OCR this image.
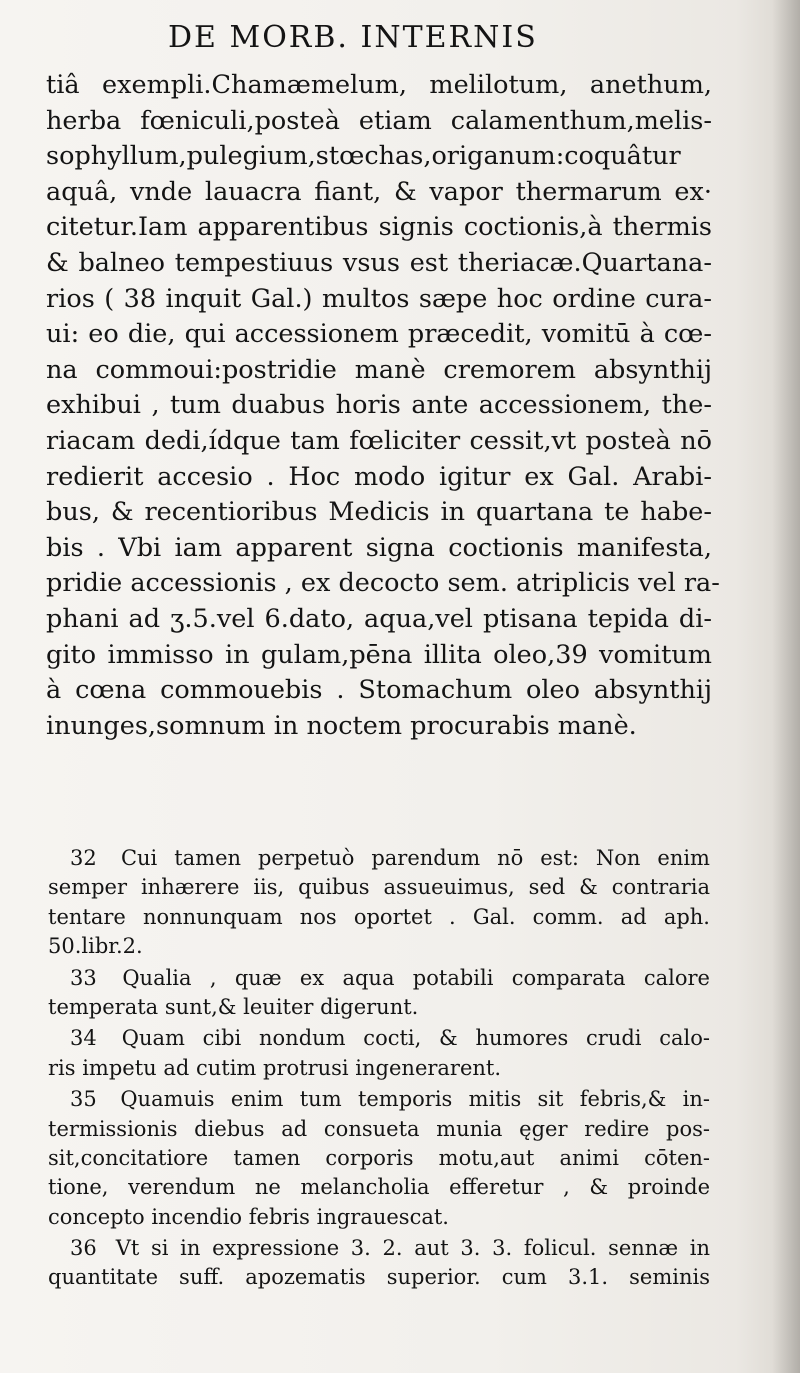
DE MORB. INTERNIS
tiâ exempli.Chamæmelum, melilotum, anethum,
herba fœniculi,posteà etiam calamenthum,melis-
sophyllum,pulegium,stœchas,origanum:coquâtur
aquâ, vnde lauacra fiant, & vapor thermarum ex·
citetur.Iam apparentibus signis coctionis,à thermis
& balneo tempestiuus vsus est theriacæ.Quartana-
rios ( 38 inquit Gal.) multos sæpe hoc ordine cura-
ui: eo die, qui accessionem præcedit, vomitū à cœ-
na commoui:postridie manè cremorem absynthij
exhibui , tum duabus horis ante accessionem, the-
riacam dedi,ídque tam fœliciter cessit,vt posteà nō
redierit accesio . Hoc modo igitur ex Gal. Arabi-
bus, & recentioribus Medicis in quartana te habe-
bis . Vbi iam apparent signa coctionis manifesta,
pridie accessionis , ex decocto sem. atriplicis vel ra-
phani ad ʒ.5.vel 6.dato, aqua,vel ptisana tepida di-
gito immisso in gulam,pēna illita oleo,39 vomitum
à cœna commouebis . Stomachum oleo absynthij
inunges,somnum in noctem procurabis manè.
32 Cui tamen perpetuò parendum nō est: Non enim
semper inhærere iis, quibus assueuimus, sed & contraria
tentare nonnunquam nos oportet . Gal. comm. ad aph.
50.libr.2.
33 Qualia , quæ ex aqua potabili comparata calore
temperata sunt,& leuiter digerunt.
34 Quam cibi nondum cocti, & humores crudi calo-
ris impetu ad cutim protrusi ingenerarent.
35 Quamuis enim tum temporis mitis sit febris,& in-
termissionis diebus ad consueta munia ęger redire pos-
sit,concitatiore tamen corporis motu,aut animi cōten-
tione, verendum ne melancholia efferetur , & proinde
concepto incendio febris ingrauescat.
36 Vt si in expressione 3. 2. aut 3. 3. folicul. sennæ in
quantitate suff. apozematis superior. cum 3.1. seminis
